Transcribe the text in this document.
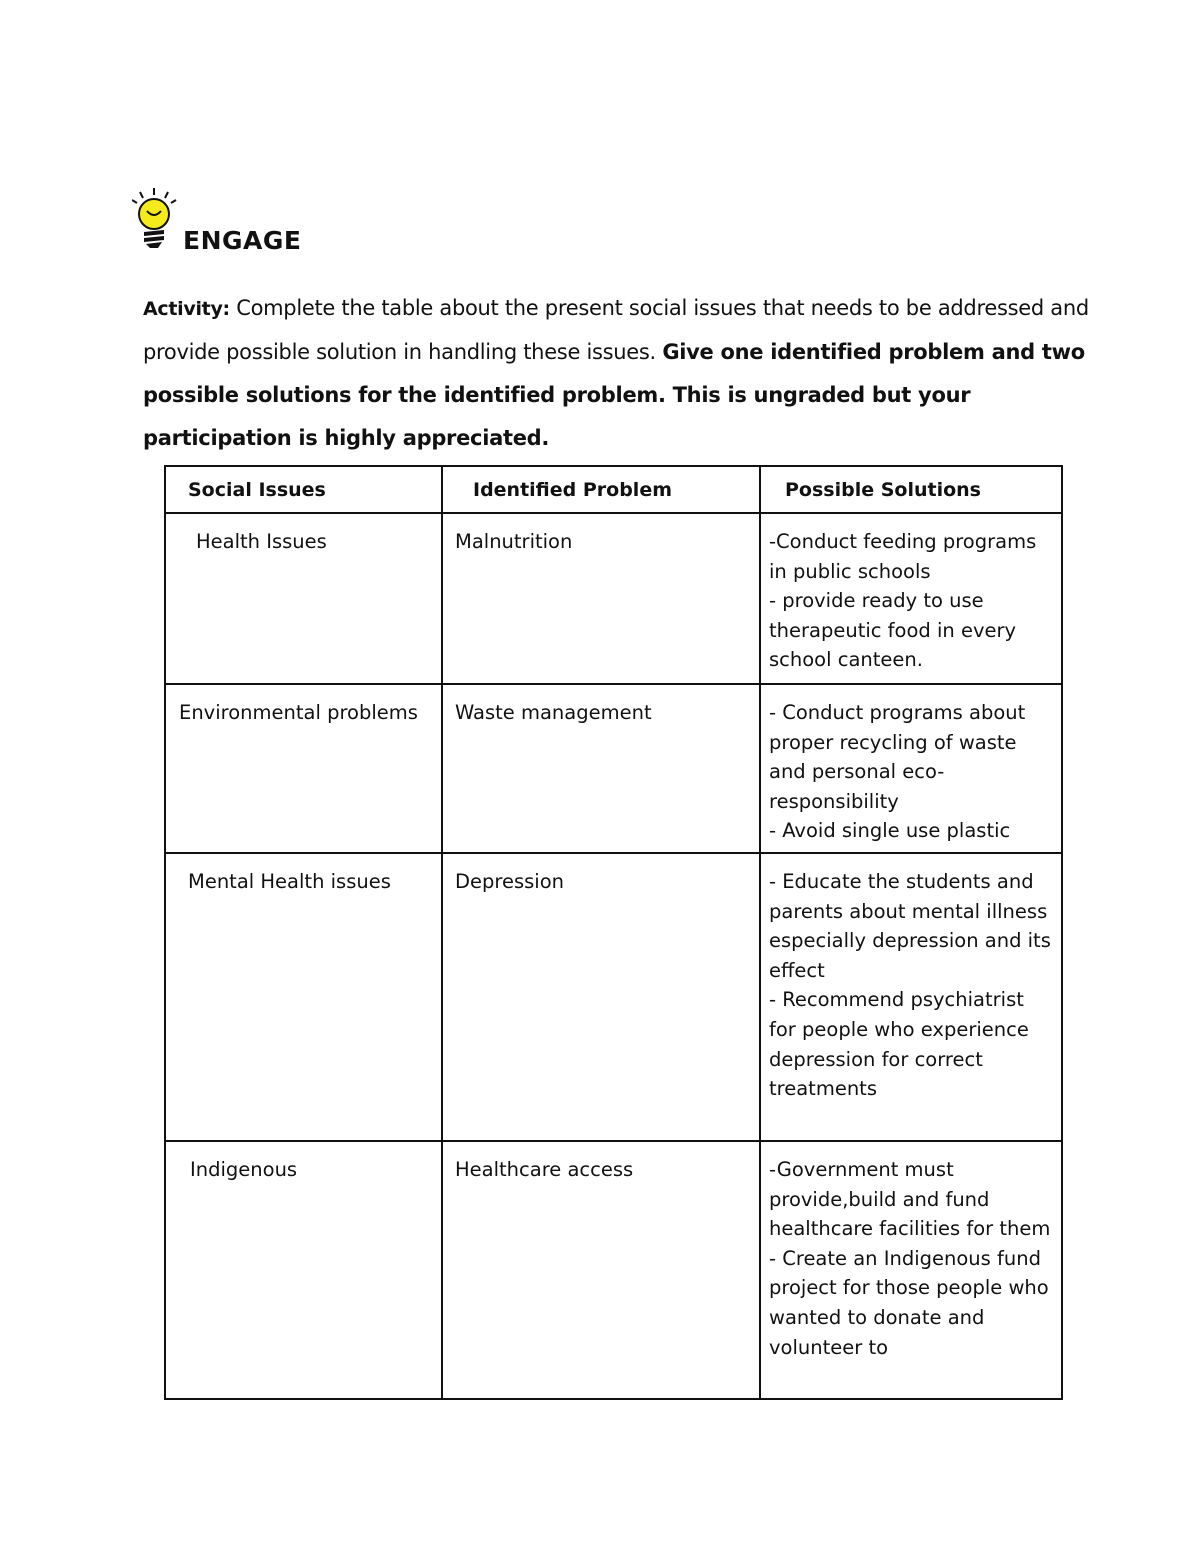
ENGAGE
Activity: Complete the table about the present social issues that needs to be addressed and provide possible solution in handling these issues. Give one identified problem and two possible solutions for the identified problem. This is ungraded but your participation is highly appreciated.
Social Issues	Identified Problem	Possible Solutions
Health Issues	Malnutrition	-Conduct feeding programs in public schools
- provide ready to use therapeutic food in every school canteen.

Environmental problems	Waste management	- Conduct programs about proper recycling of waste and personal eco-responsibility
- Avoid single use plastic

Mental Health issues	Depression	- Educate the students and parents about mental illness especially depression and its effect
- Recommend psychiatrist for people who experience depression for correct treatments

Indigenous	Healthcare access	-Government must provide,build and fund healthcare facilities for them
- Create an Indigenous fund project for those people who wanted to donate and volunteer to
